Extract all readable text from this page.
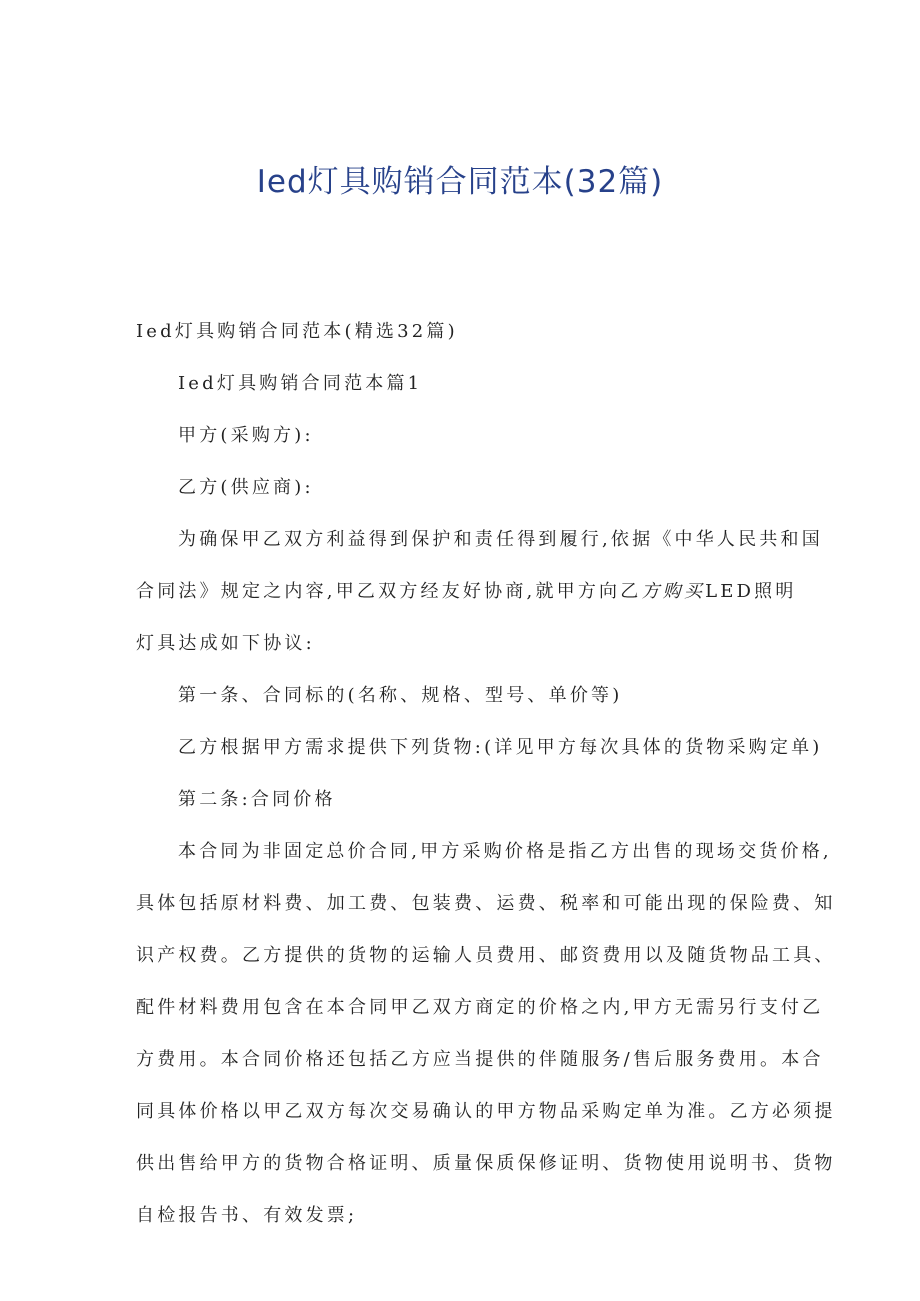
Ied灯具购销合同范本(32篇)
Ied灯具购销合同范本(精选32篇)
Ied灯具购销合同范本篇1
甲方(采购方):
乙方(供应商):
为确保甲乙双方利益得到保护和责任得到履行,依据《中华人民共和国
合同法》规定之内容,甲乙双方经友好协商,就甲方向乙方购买LED照明
灯具达成如下协议:
第一条、合同标的(名称、规格、型号、单价等)
乙方根据甲方需求提供下列货物:(详见甲方每次具体的货物采购定单)
第二条:合同价格
本合同为非固定总价合同,甲方采购价格是指乙方出售的现场交货价格,
具体包括原材料费、加工费、包装费、运费、税率和可能出现的保险费、知
识产权费。乙方提供的货物的运输人员费用、邮资费用以及随货物品工具、
配件材料费用包含在本合同甲乙双方商定的价格之内,甲方无需另行支付乙
方费用。本合同价格还包括乙方应当提供的伴随服务/售后服务费用。本合
同具体价格以甲乙双方每次交易确认的甲方物品采购定单为准。乙方必须提
供出售给甲方的货物合格证明、质量保质保修证明、货物使用说明书、货物
自检报告书、有效发票;
